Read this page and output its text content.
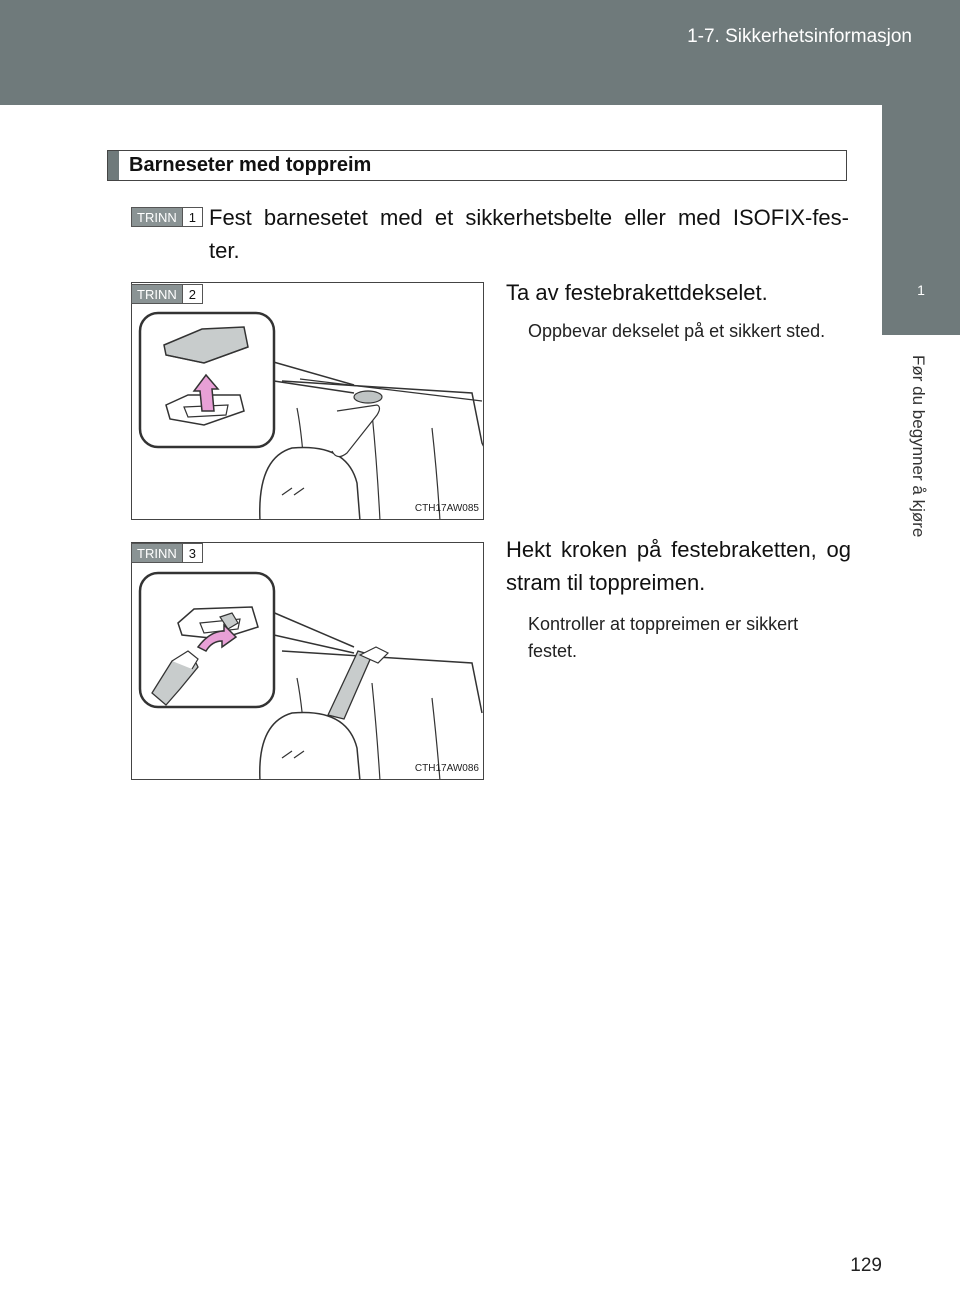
1-7. Sikkerhetsinformasjon
1
Før du begynner å kjøre
Barneseter med toppreim
TRINN 1 Fest barnesetet med et sikkerhetsbelte eller med ISOFIX-fes-
ter.
CTH17AW085
TRINN 2	Ta av festebrakettdekselet.
Oppbevar dekselet på et sikkert sted.
CTH17AW086
TRINN 3	Hekt kroken på festebraketten, og stram til toppreimen.
Kontroller at toppreimen er sikkert festet.
129
